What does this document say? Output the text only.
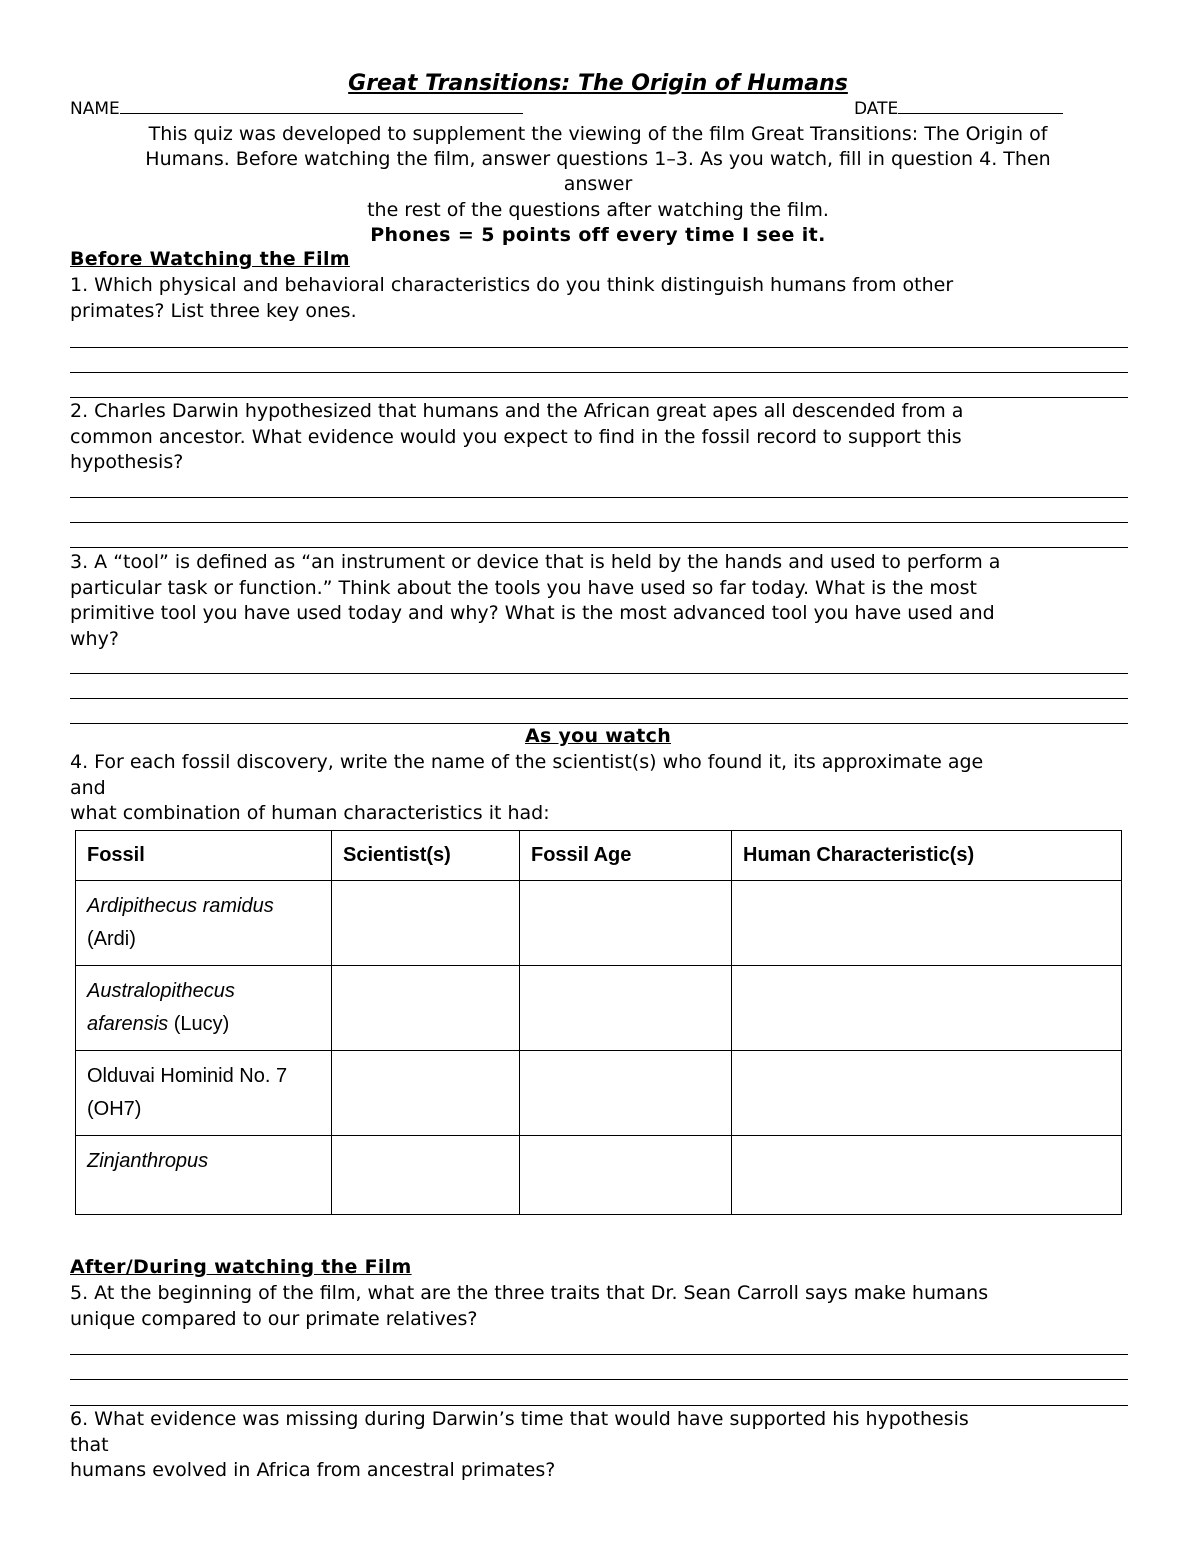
Great Transitions: The Origin of Humans
NAME	DATE
This quiz was developed to supplement the viewing of the film Great Transitions: The Origin of
Humans. Before watching the film, answer questions 1–3. As you watch, fill in question 4. Then
answer
the rest of the questions after watching the film.
Phones = 5 points off every time I see it.
Before Watching the Film
1. Which physical and behavioral characteristics do you think distinguish humans from other
primates? List three key ones.
2. Charles Darwin hypothesized that humans and the African great apes all descended from a
common ancestor. What evidence would you expect to find in the fossil record to support this
hypothesis?
3. A “tool” is defined as “an instrument or device that is held by the hands and used to perform a
particular task or function.” Think about the tools you have used so far today. What is the most
primitive tool you have used today and why? What is the most advanced tool you have used and
why?
As you watch
4. For each fossil discovery, write the name of the scientist(s) who found it, its approximate age
and
what combination of human characteristics it had:
Fossil	Scientist(s)	Fossil Age	Human Characteristic(s)
Ardipithecus ramidus
(Ardi)			
Australopithecus afarensis (Lucy)			
Olduvai Hominid No. 7 (OH7)			
Zinjanthropus			
After/During watching the Film
5. At the beginning of the film, what are the three traits that Dr. Sean Carroll says make humans
unique compared to our primate relatives?
6. What evidence was missing during Darwin’s time that would have supported his hypothesis
that
humans evolved in Africa from ancestral primates?
